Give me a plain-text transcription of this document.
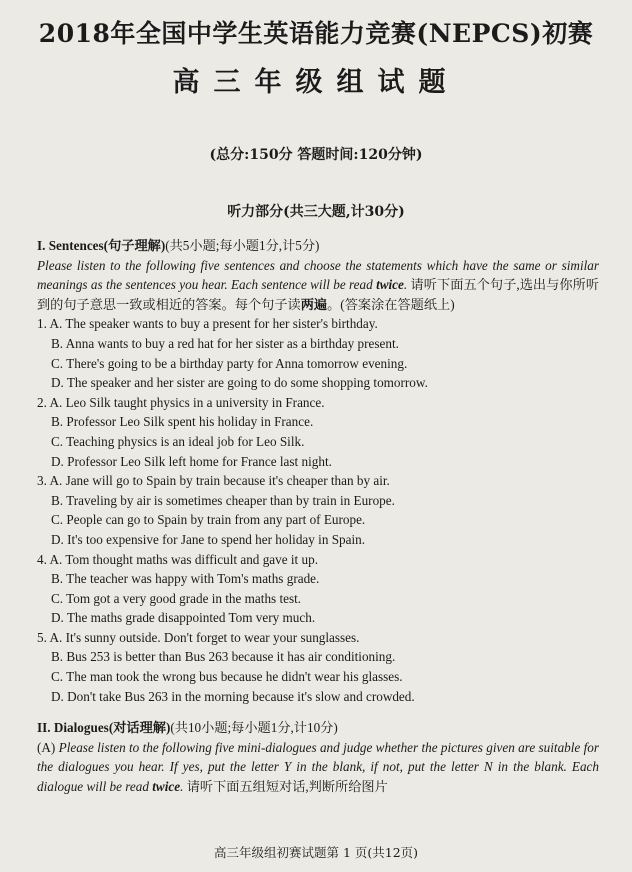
2018年全国中学生英语能力竞赛(NEPCS)初赛
高三年级组试题
(总分:150分 答题时间:120分钟)
听力部分(共三大题,计30分)
I. Sentences(句子理解)(共5小题;每小题1分,计5分)
Please listen to the following five sentences and choose the statements which have the same or similar meanings as the sentences you hear. Each sentence will be read twice. 请听下面五个句子,选出与你所听到的句子意思一致或相近的答案。每个句子读两遍。(答案涂在答题纸上)

1. A. The speaker wants to buy a present for her sister's birthday.

B. Anna wants to buy a red hat for her sister as a birthday present.

C. There's going to be a birthday party for Anna tomorrow evening.

D. The speaker and her sister are going to do some shopping tomorrow.

2. A. Leo Silk taught physics in a university in France.

B. Professor Leo Silk spent his holiday in France.

C. Teaching physics is an ideal job for Leo Silk.

D. Professor Leo Silk left home for France last night.

3. A. Jane will go to Spain by train because it's cheaper than by air.

B. Traveling by air is sometimes cheaper than by train in Europe.

C. People can go to Spain by train from any part of Europe.

D. It's too expensive for Jane to spend her holiday in Spain.

4. A. Tom thought maths was difficult and gave it up.

B. The teacher was happy with Tom's maths grade.

C. Tom got a very good grade in the maths test.

D. The maths grade disappointed Tom very much.

5. A. It's sunny outside. Don't forget to wear your sunglasses.

B. Bus 253 is better than Bus 263 because it has air conditioning.

C. The man took the wrong bus because he didn't wear his glasses.

D. Don't take Bus 263 in the morning because it's slow and crowded.

II. Dialogues(对话理解)(共10小题;每小题1分,计10分)
(A) Please listen to the following five mini-dialogues and judge whether the pictures given are suitable for the dialogues you hear. If yes, put the letter Y in the blank, if not, put the letter N in the blank. Each dialogue will be read twice. 请听下面五组短对话,判断所给图片
高三年级组初赛试题第 1 页(共12页)
